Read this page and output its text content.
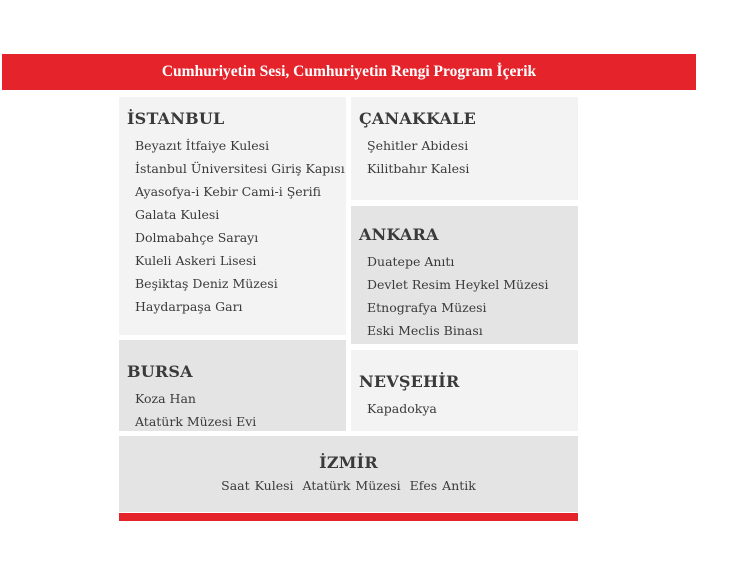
Cumhuriyetin Sesi, Cumhuriyetin Rengi Program İçerik
İSTANBUL
Beyazıt İtfaiye Kulesi
İstanbul Üniversitesi Giriş Kapısı
Ayasofya-i Kebir Cami-i Şerifi
Galata Kulesi
Dolmabahçe Sarayı
Kuleli Askeri Lisesi
Beşiktaş Deniz Müzesi
Haydarpaşa Garı
ÇANAKKALE
Şehitler Abidesi
Kilitbahır Kalesi
ANKARA
Duatepe Anıtı
Devlet Resim Heykel Müzesi
Etnografya Müzesi
Eski Meclis Binası
BURSA
Koza Han
Atatürk Müzesi Evi
NEVŞEHİR
Kapadokya
İZMİR
Saat Kulesi Atatürk Müzesi Efes Antik
